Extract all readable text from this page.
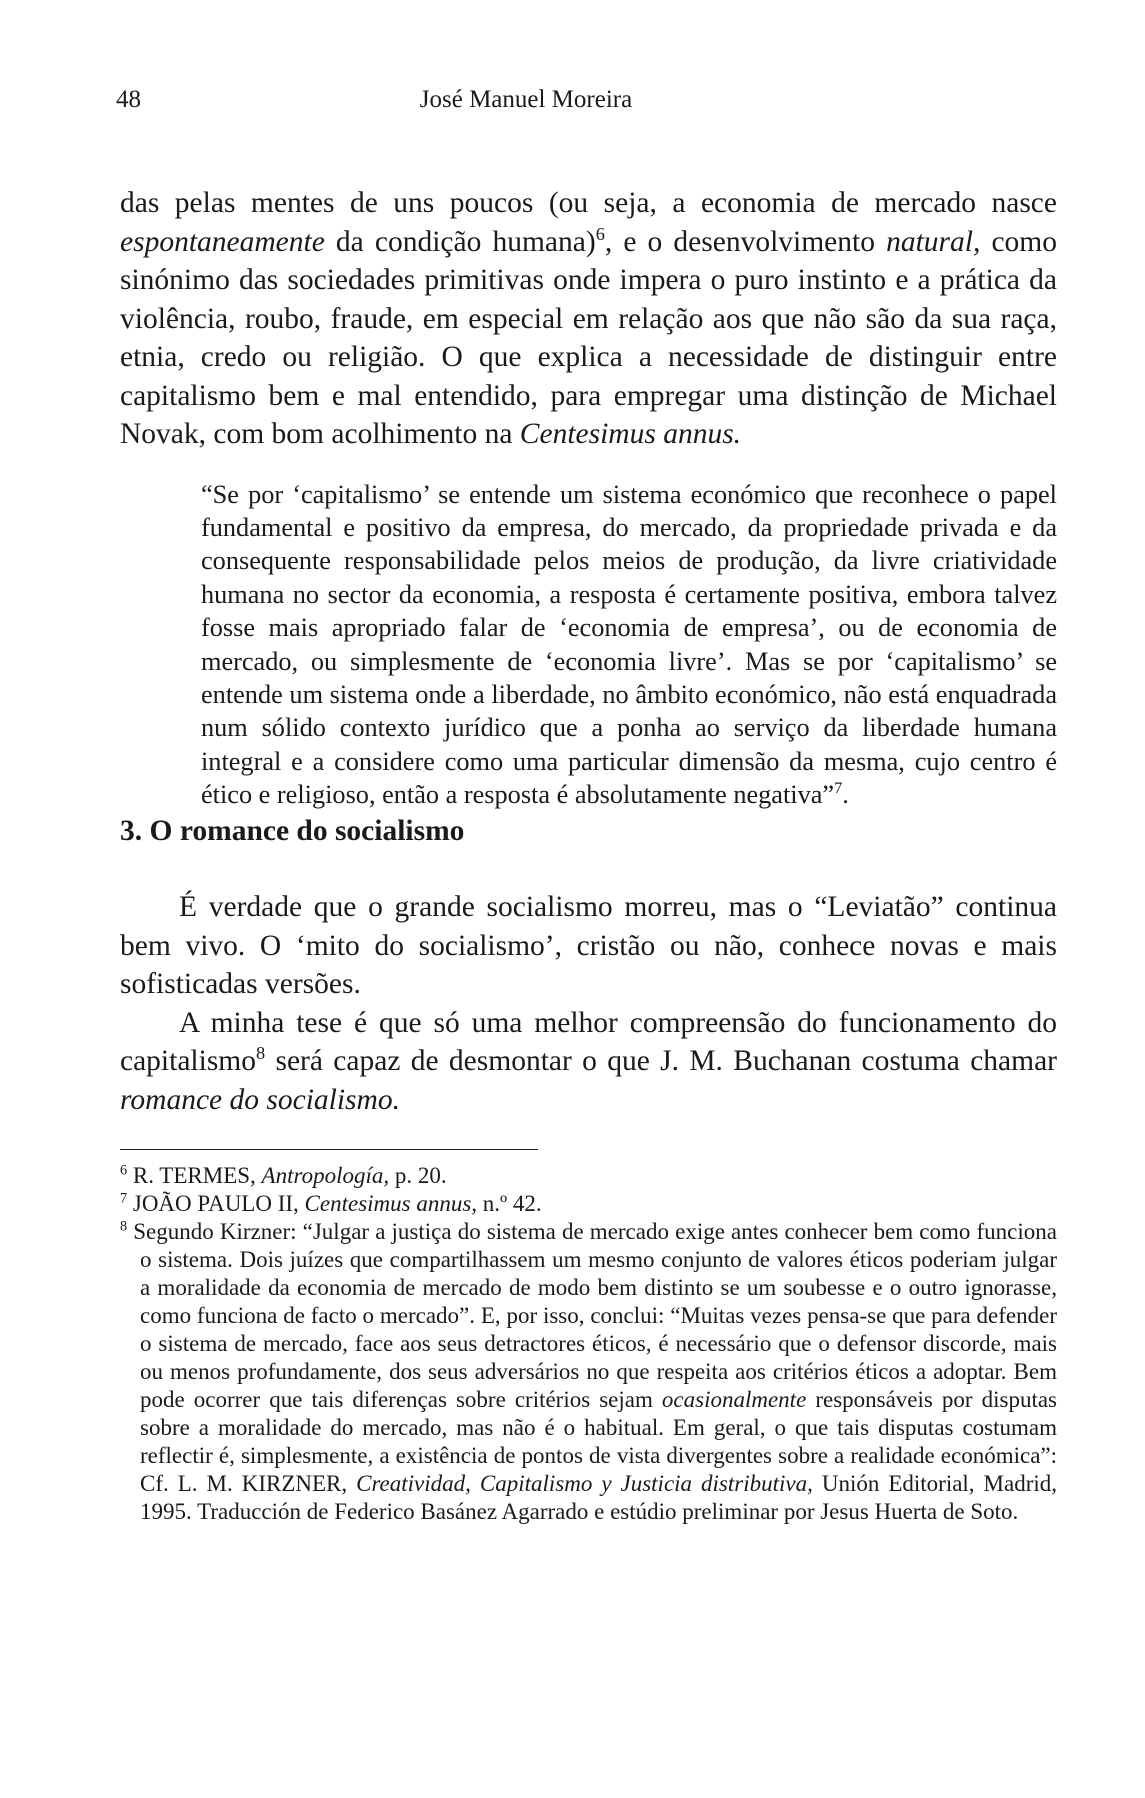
48	José Manuel Moreira

das pelas mentes de uns poucos (ou seja, a economia de mercado nasce espontaneamente da condição humana)$^6$, e o desenvolvimento natural, como sinónimo das sociedades primitivas onde impera o puro instinto e a prática da violência, roubo, fraude, em especial em relação aos que não são da sua raça, etnia, credo ou religião. O que explica a necessidade de distinguir entre capitalismo bem e mal entendido, para empregar uma distinção de Michael Novak, com bom acolhimento na Centesimus annus.

“Se por ‘capitalismo’ se entende um sistema económico que reconhece o papel fundamental e positivo da empresa, do mercado, da propriedade privada e da consequente responsabilidade pelos meios de produção, da livre criatividade humana no sector da economia, a resposta é certamente positiva, embora talvez fosse mais apropriado falar de ‘economia de empresa’, ou de economia de mercado, ou simplesmente de ‘economia livre’. Mas se por ‘capitalismo’ se entende um sistema onde a liberdade, no âmbito económico, não está enquadrada num sólido contexto jurídico que a ponha ao serviço da liberdade humana integral e a considere como uma particular dimensão da mesma, cujo centro é ético e religioso, então a resposta é absolutamente negativa”$^7$.

3. O romance do socialismo

É verdade que o grande socialismo morreu, mas o “Leviatão” continua bem vivo. O ‘mito do socialismo’, cristão ou não, conhece novas e mais sofisticadas versões.

A minha tese é que só uma melhor compreensão do funcionamento do capitalismo$^8$ será capaz de desmontar o que J. M. Buchanan costuma chamar romance do socialismo.

$^6$ R. TERMES, Antropología, p. 20.

$^7$ JOÃO PAULO II, Centesimus annus, n.º 42.

$^8$ Segundo Kirzner: “Julgar a justiça do sistema de mercado exige antes conhecer bem como funciona o sistema. Dois juízes que compartilhassem um mesmo conjunto de valores éticos poderiam julgar a moralidade da economia de mercado de modo bem distinto se um soubesse e o outro ignorasse, como funciona de facto o mercado”. E, por isso, conclui: “Muitas vezes pensa-se que para defender o sistema de mercado, face aos seus detractores éticos, é necessário que o defensor discorde, mais ou menos profundamente, dos seus adversários no que respeita aos critérios éticos a adoptar. Bem pode ocorrer que tais diferenças sobre critérios sejam ocasionalmente responsáveis por disputas sobre a moralidade do mercado, mas não é o habitual. Em geral, o que tais disputas costumam reflectir é, simplesmente, a existência de pontos de vista divergentes sobre a realidade económica”: Cf. L. M. KIRZNER, Creatividad, Capitalismo y Justicia distributiva, Unión Editorial, Madrid, 1995. Traducción de Federico Basánez Agarrado e estúdio preliminar por Jesus Huerta de Soto.
